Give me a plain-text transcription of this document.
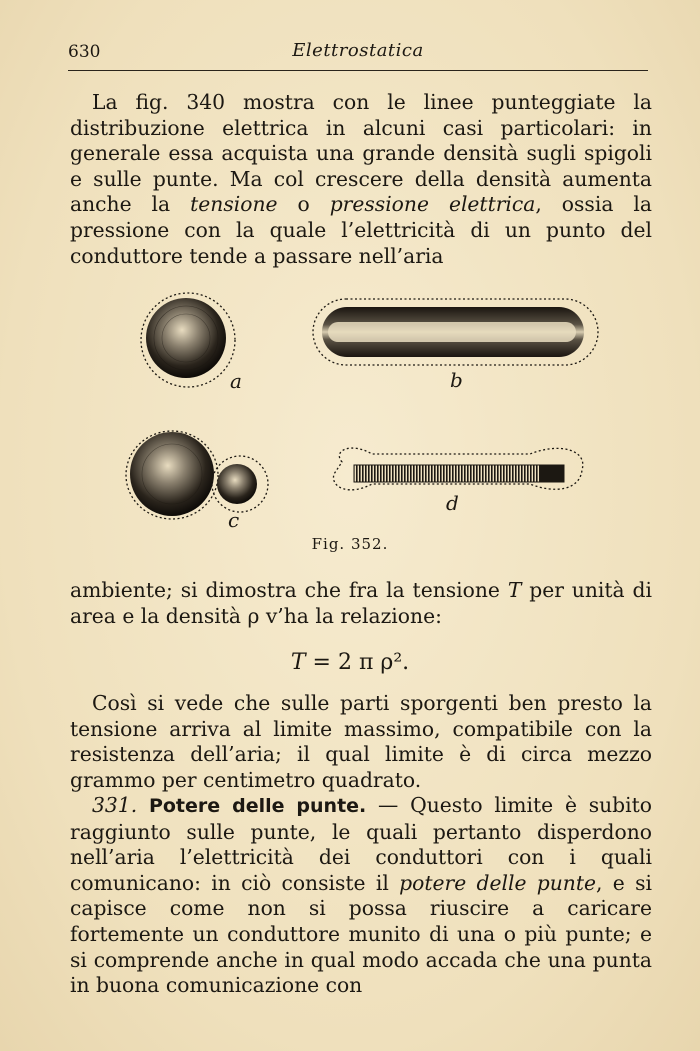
630	Elettrostatica

La fig. 340 mostra con le linee punteggiate la distribuzione elettrica in alcuni casi particolari: in generale essa acquista una grande densità sugli spigoli e sulle punte. Ma col crescere della densità aumenta anche la tensione o pressione elettrica, ossia la pressione con la quale l’elettricità di un punto del conduttore tende a passare nell’aria

a	b
c
d
Fig. 352.

ambiente; si dimostra che fra la tensione T per unità di area e la densità ρ v’ha la relazione:

T = 2 π ρ².

Così si vede che sulle parti sporgenti ben presto la tensione arriva al limite massimo, compatibile con la resistenza dell’aria; il qual limite è di circa mezzo grammo per centimetro quadrato.

331. Potere delle punte. — Questo limite è subito raggiunto sulle punte, le quali pertanto disperdono nell’aria l’elettricità dei conduttori con i quali comunicano: in ciò consiste il potere delle punte, e si capisce come non si possa riuscire a caricare fortemente un conduttore munito di una o più punte; e si comprende anche in qual modo accada che una punta in buona comunicazione con
